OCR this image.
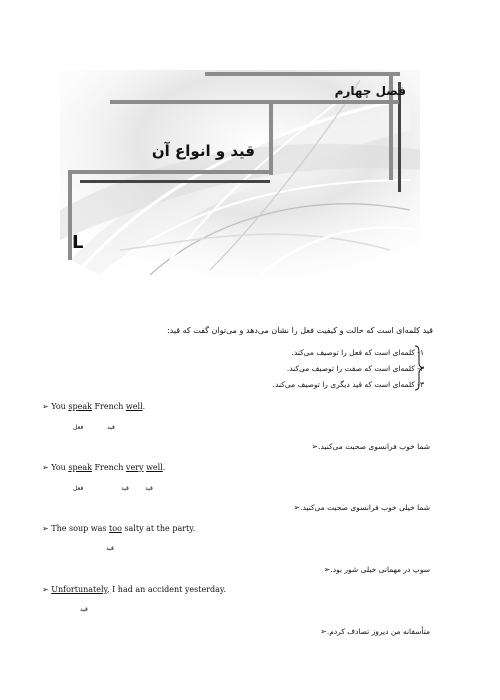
فصل چهارم
قید و انواع آن
L
قید کلمه‌ای است که حالت و کیفیت فعل را نشان می‌دهد و می‌توان گفت که قید:
۱- کلمه‌ای است که فعل را توصیف می‌کند.
۲- کلمه‌ای است که صفت را توصیف می‌کند.
۳- کلمه‌ای است که قید دیگری را توصیف می‌کند.
➢ You speak French well.
فعل	قید
شما خوب فرانسوی صحبت می‌کنید.➢
➢ You speak French very well.
فعل	قید	قید
شما خیلی خوب فرانسوی صحبت می‌کنید.➢
➢ The soup was too salty at the party.
قید
سوپ در مهمانی خیلی شور بود.➢
➢ Unfortunately, I had an accident yesterday.
قید
متأسفانه من دیروز تصادف کردم.➢
